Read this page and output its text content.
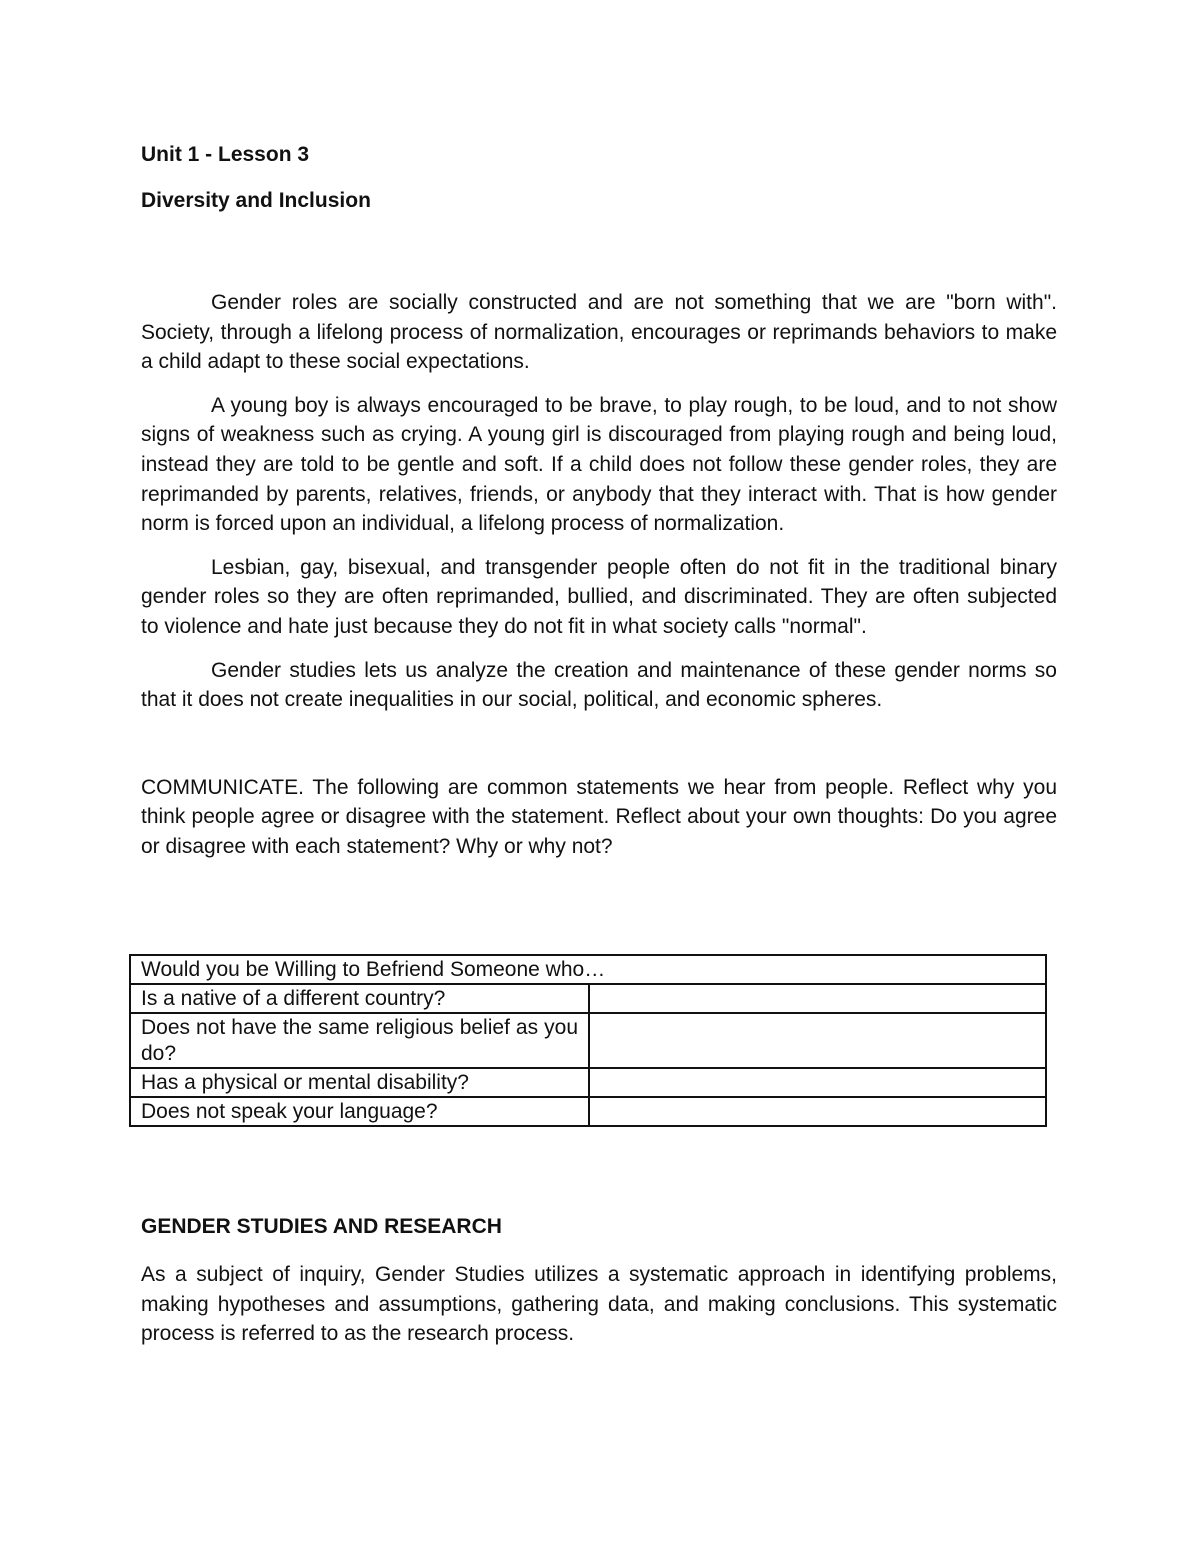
Unit 1 - Lesson 3

Diversity and Inclusion

Gender roles are socially constructed and are not something that we are "born with". Society, through a lifelong process of normalization, encourages or reprimands behaviors to make a child adapt to these social expectations.

A young boy is always encouraged to be brave, to play rough, to be loud, and to not show signs of weakness such as crying. A young girl is discouraged from playing rough and being loud, instead they are told to be gentle and soft. If a child does not follow these gender roles, they are reprimanded by parents, relatives, friends, or anybody that they interact with. That is how gender norm is forced upon an individual, a lifelong process of normalization.

Lesbian, gay, bisexual, and transgender people often do not fit in the traditional binary gender roles so they are often reprimanded, bullied, and discriminated. They are often subjected to violence and hate just because they do not fit in what society calls "normal".

Gender studies lets us analyze the creation and maintenance of these gender norms so that it does not create inequalities in our social, political, and economic spheres.

COMMUNICATE. The following are common statements we hear from people. Reflect why you think people agree or disagree with the statement. Reflect about your own thoughts: Do you agree or disagree with each statement? Why or why not?

Would you be Willing to Befriend Someone who…	
Is a native of a different country?	
Does not have the same religious belief as you do?	
Has a physical or mental disability?	
Does not speak your language?	

GENDER STUDIES AND RESEARCH

As a subject of inquiry, Gender Studies utilizes a systematic approach in identifying problems, making hypotheses and assumptions, gathering data, and making conclusions. This systematic process is referred to as the research process.
